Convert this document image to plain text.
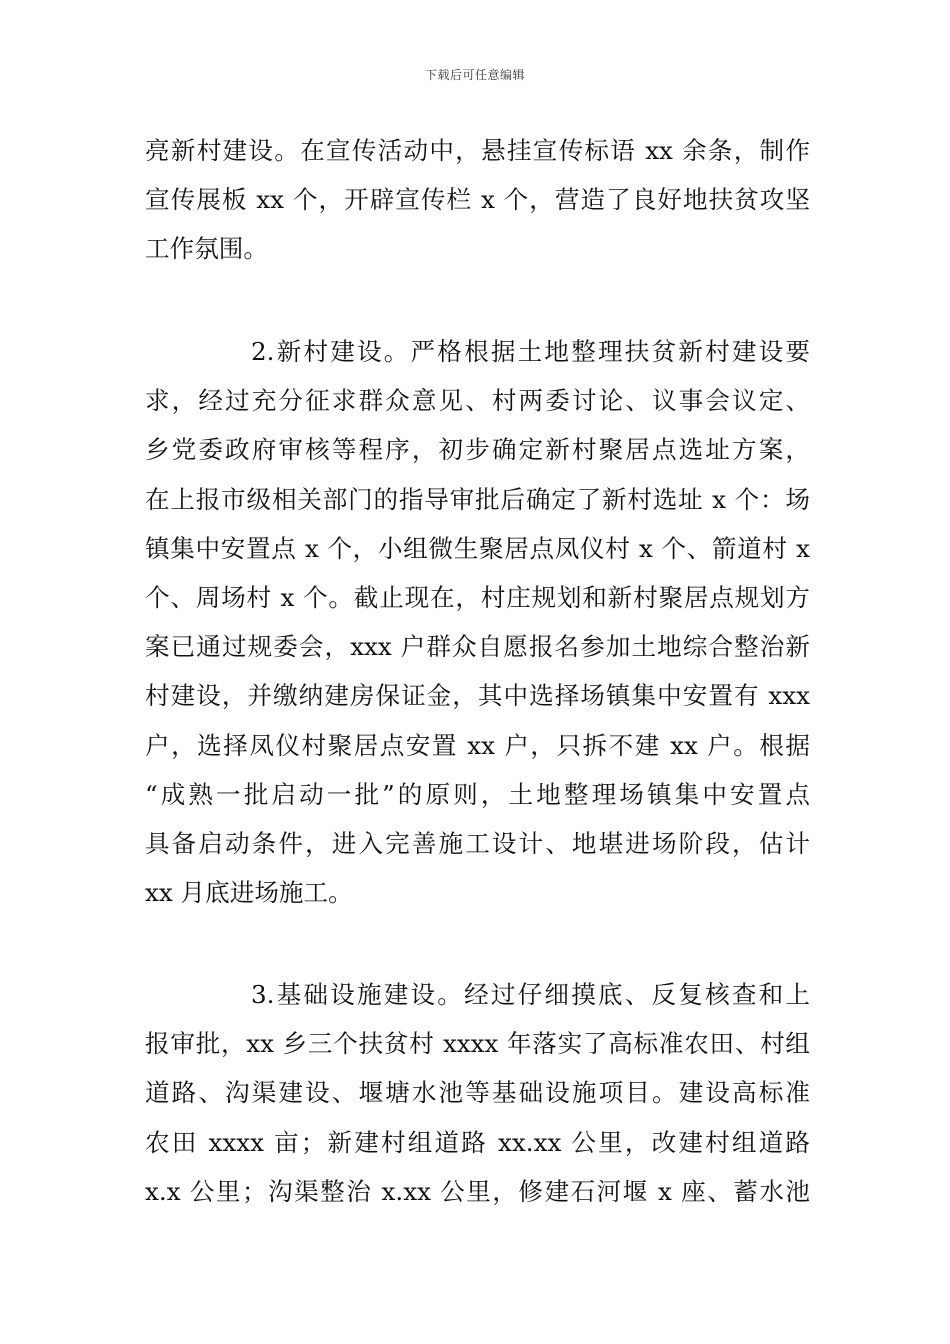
下载后可任意编辑
亮新村建设。在宣传活动中，悬挂宣传标语 xx 余条，制作
宣传展板 xx 个，开辟宣传栏 x 个，营造了良好地扶贫攻坚
工作氛围。
2.新村建设。严格根据土地整理扶贫新村建设要
求，经过充分征求群众意见、村两委讨论、议事会议定、
乡党委政府审核等程序，初步确定新村聚居点选址方案，
在上报市级相关部门的指导审批后确定了新村选址 x 个：场
镇集中安置点 x 个，小组微生聚居点凤仪村 x 个、箭道村 x
个、周场村 x 个。截止现在，村庄规划和新村聚居点规划方
案已通过规委会，xxx 户群众自愿报名参加土地综合整治新
村建设，并缴纳建房保证金，其中选择场镇集中安置有 xxx
户，选择凤仪村聚居点安置 xx 户，只拆不建 xx 户。根据
“成熟一批启动一批”的原则，土地整理场镇集中安置点
具备启动条件，进入完善施工设计、地堪进场阶段，估计
xx 月底进场施工。
3.基础设施建设。经过仔细摸底、反复核查和上
报审批，xx 乡三个扶贫村 xxxx 年落实了高标准农田、村组
道路、沟渠建设、堰塘水池等基础设施项目。建设高标准
农田 xxxx 亩；新建村组道路 xx.xx 公里，改建村组道路
x.x 公里；沟渠整治 x.xx 公里，修建石河堰 x 座、蓄水池
